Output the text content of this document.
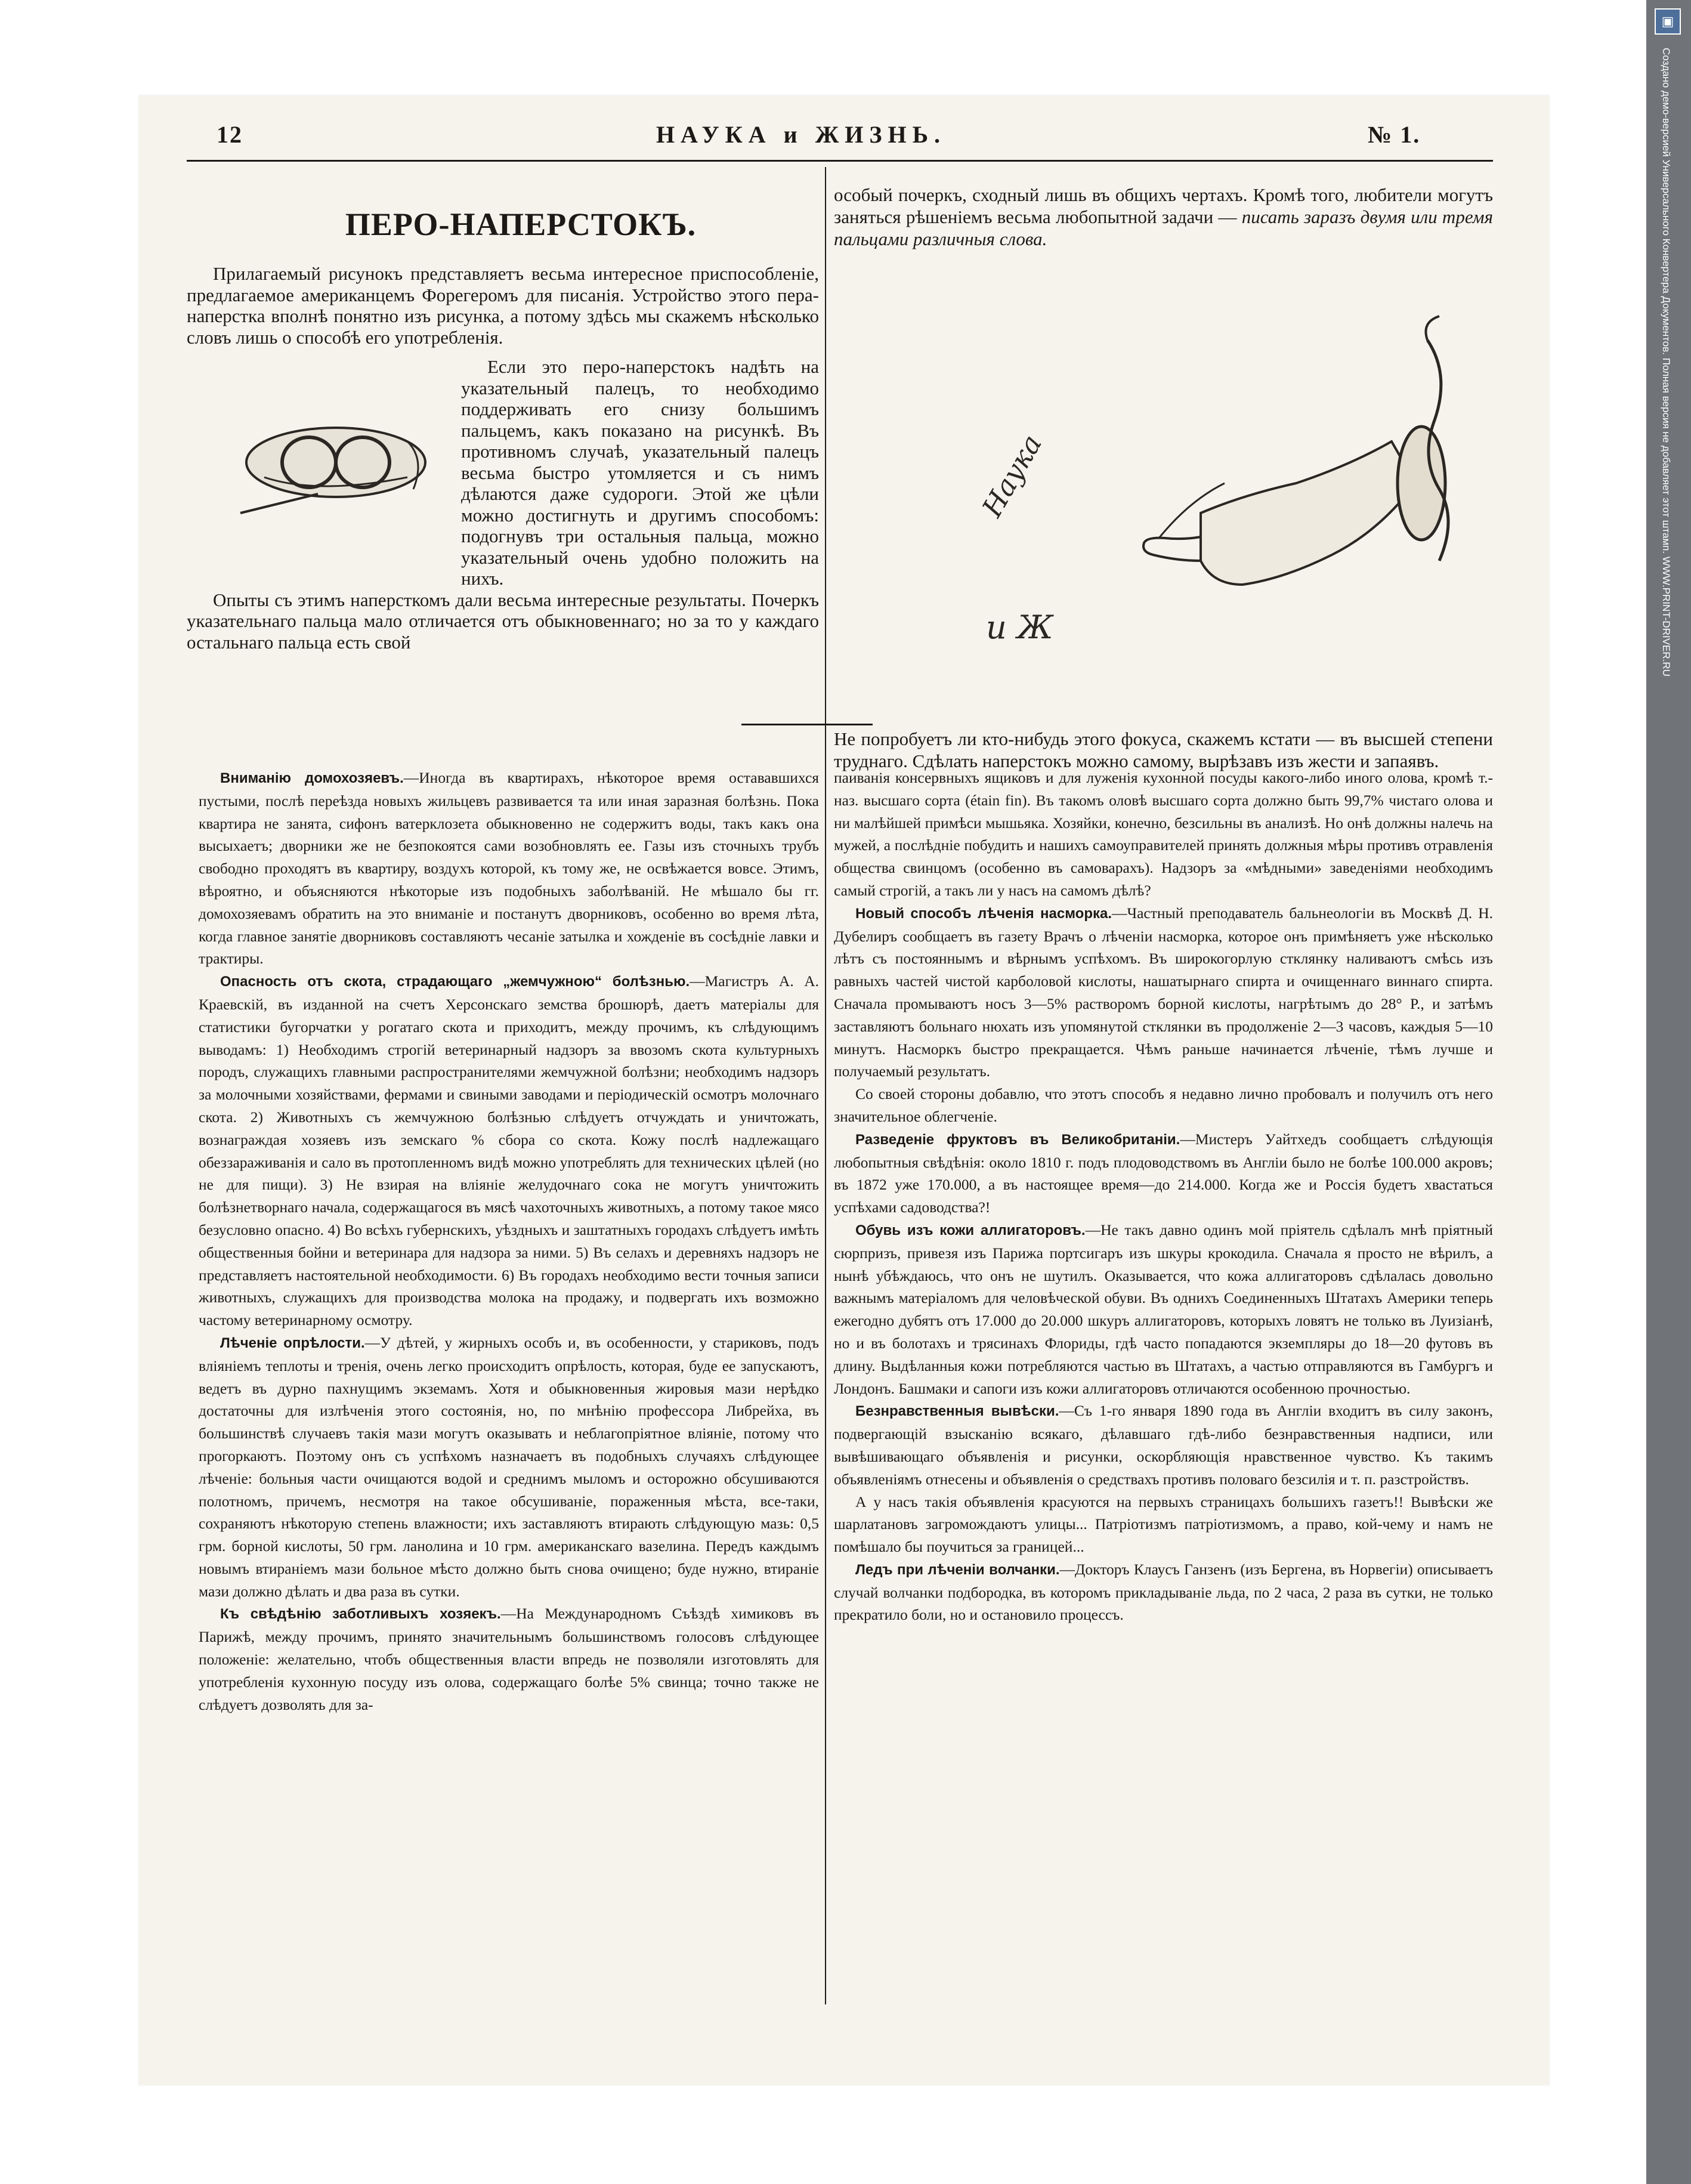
▣
Создано демо-версией Универсального Конвертера Документов. Полная версия не добавляет этот штамп. WWW.PRINT-DRIVER.RU
12	НАУКА и ЖИЗНЬ.	№ 1.
ПЕРО-НАПЕРСТОКЪ.

Прилагаемый рисунокъ представляетъ весьма интересное приспособленіе, предлагаемое американцемъ Форегеромъ для писанія. Устройство этого пера-наперстка вполнѣ понятно изъ рисунка, а потому здѣсь мы скажемъ нѣсколько словъ лишь о способѣ его употребленія.

Если это перо-наперстокъ надѣть на указательный палецъ, то необходимо поддерживать его снизу большимъ пальцемъ, какъ показано на рисункѣ. Въ противномъ случаѣ, указательный палецъ весьма быстро утомляется и съ нимъ дѣлаются даже судороги. Этой же цѣли можно достигнуть и другимъ способомъ: подогнувъ три остальныя пальца, можно указательный очень удобно положить на нихъ.

Опыты съ этимъ наперсткомъ дали весьма интересные результаты. Почеркъ указательнаго пальца мало отличается отъ обыкновеннаго; но за то у каждаго остальнаго пальца есть свой

особый почеркъ, сходный лишь въ общихъ чертахъ. Кромѣ того, любители могутъ заняться рѣшеніемъ весьма любопытной задачи — писать заразъ двумя или тремя пальцами различныя слова.

Наука
и Ж

Не попробуетъ ли кто-нибудь этого фокуса, скажемъ кстати — въ высшей степени труднаго. Сдѣлать наперстокъ можно самому, вырѣзавъ изъ жести и запаявъ.

Вниманію домохозяевъ.—Иногда въ квартирахъ, нѣкоторое время остававшихся пустыми, послѣ переѣзда новыхъ жильцевъ развивается та или иная заразная болѣзнь. Пока квартира не занята, сифонъ ватерклозета обыкновенно не содержитъ воды, такъ какъ она высыхаетъ; дворники же не безпокоятся сами возобновлять ее. Газы изъ сточныхъ трубъ свободно проходятъ въ квартиру, воздухъ которой, къ тому же, не освѣжается вовсе. Этимъ, вѣроятно, и объясняются нѣкоторые изъ подобныхъ заболѣваній. Не мѣшало бы гг. домохозяевамъ обратить на это вниманіе и постанутъ дворниковъ, особенно во время лѣта, когда главное занятіе дворниковъ составляютъ чесаніе затылка и хожденіе въ сосѣдніе лавки и трактиры.

Опасность отъ скота, страдающаго „жемчужною“ болѣзнью.—Магистръ А. А. Краевскій, въ изданной на счетъ Херсонскаго земства брошюрѣ, даетъ матеріалы для статистики бугорчатки у рогатаго скота и приходитъ, между прочимъ, къ слѣдующимъ выводамъ: 1) Необходимъ строгій ветеринарный надзоръ за ввозомъ скота культурныхъ породъ, служащихъ главными распространителями жемчужной болѣзни; необходимъ надзоръ за молочными хозяйствами, фермами и свиными заводами и періодическій осмотръ молочнаго скота. 2) Животныхъ съ жемчужною болѣзнью слѣдуетъ отчуждать и уничтожать, вознаграждая хозяевъ изъ земскаго % сбора со скота. Кожу послѣ надлежащаго обеззараживанія и сало въ протопленномъ видѣ можно употреблять для технических цѣлей (но не для пищи). 3) Не взирая на вліяніе желудочнаго сока не могутъ уничтожить болѣзнетворнаго начала, содержащагося въ мясѣ чахоточныхъ животныхъ, а потому такое мясо безусловно опасно. 4) Во всѣхъ губернскихъ, уѣздныхъ и заштатныхъ городахъ слѣдуетъ имѣть общественныя бойни и ветеринара для надзора за ними. 5) Въ селахъ и деревняхъ надзоръ не представляетъ настоятельной необходимости. 6) Въ городахъ необходимо вести точныя записи животныхъ, служащихъ для производства молока на продажу, и подвергать ихъ возможно частому ветеринарному осмотру.

Лѣченіе опрѣлости.—У дѣтей, у жирныхъ особъ и, въ особенности, у стариковъ, подъ вліяніемъ теплоты и тренія, очень легко происходитъ опрѣлость, которая, буде ее запускаютъ, ведетъ въ дурно пахнущимъ экземамъ. Хотя и обыкновенныя жировыя мази нерѣдко достаточны для излѣченія этого состоянія, но, по мнѣнію профессора Либрейха, въ большинствѣ случаевъ такія мази могутъ оказывать и неблагопріятное вліяніе, потому что прогоркаютъ. Поэтому онъ съ успѣхомъ назначаетъ въ подобныхъ случаяхъ слѣдующее лѣченіе: больныя части очищаются водой и среднимъ мыломъ и осторожно обсушиваются полотномъ, причемъ, несмотря на такое обсушиваніе, пораженныя мѣста, все-таки, сохраняютъ нѣкоторую степень влажности; ихъ заставляютъ втирають слѣдующую мазь: 0,5 грм. борной кислоты, 50 грм. ланолина и 10 грм. американскаго вазелина. Передъ каждымъ новымъ втираніемъ мази больное мѣсто должно быть снова очищено; буде нужно, втираніе мази должно дѣлать и два раза въ сутки.

Къ свѣдѣнію заботливыхъ хозяекъ.—На Международномъ Съѣздѣ химиковъ въ Парижѣ, между прочимъ, принято значительнымъ большинствомъ голосовъ слѣдующее положеніе: желательно, чтобъ общественныя власти впредь не позволяли изготовлять для употребленія кухонную посуду изъ олова, содержащаго болѣе 5% свинца; точно также не слѣдуетъ дозволять для за-

паиванія консервныхъ ящиковъ и для луженія кухонной посуды какого-либо иного олова, кромѣ т.-наз. высшаго сорта (étain fin). Въ такомъ оловѣ высшаго сорта должно быть 99,7% чистаго олова и ни малѣйшей примѣси мышьяка. Хозяйки, конечно, безсильны въ анализѣ. Но онѣ должны налечь на мужей, а послѣдніе побудить и нашихъ самоуправителей принять должныя мѣры противъ отравленія общества свинцомъ (особенно въ самоварахъ). Надзоръ за «мѣдными» заведеніями необходимъ самый строгій, а такъ ли у насъ на самомъ дѣлѣ?

Новый способъ лѣченія насморка.—Частный преподаватель бальнеологіи въ Москвѣ Д. Н. Дубелиръ сообщаетъ въ газету Врачъ о лѣченіи насморка, которое онъ примѣняетъ уже нѣсколько лѣтъ съ постояннымъ и вѣрнымъ успѣхомъ. Въ широкогорлую стклянку наливаютъ смѣсь изъ равныхъ частей чистой карболовой кислоты, нашатырнаго спирта и очищеннаго виннаго спирта. Сначала промываютъ носъ 3—5% растворомъ борной кислоты, нагрѣтымъ до 28° Р., и затѣмъ заставляютъ больнаго нюхать изъ упомянутой стклянки въ продолженіе 2—3 часовъ, каждыя 5—10 минутъ. Насморкъ быстро прекращается. Чѣмъ раньше начинается лѣченіе, тѣмъ лучше и получаемый результатъ.

Со своей стороны добавлю, что этотъ способъ я недавно лично пробовалъ и получилъ отъ него значительное облегченіе.

Разведеніе фруктовъ въ Великобританіи.—Мистеръ Уайтхедъ сообщаетъ слѣдующія любопытныя свѣдѣнія: около 1810 г. подъ плодоводствомъ въ Англіи было не болѣе 100.000 акровъ; въ 1872 уже 170.000, а въ настоящее время—до 214.000. Когда же и Россія будетъ хвастаться успѣхами садоводства?!

Обувь изъ кожи аллигаторовъ.—Не такъ давно одинъ мой пріятель сдѣлалъ мнѣ пріятный сюрпризъ, привезя изъ Парижа портсигаръ изъ шкуры крокодила. Сначала я просто не вѣрилъ, а нынѣ убѣждаюсь, что онъ не шутилъ. Оказывается, что кожа аллигаторовъ сдѣлалась довольно важнымъ матеріаломъ для человѣческой обуви. Въ однихъ Соединенныхъ Штатахъ Америки теперь ежегодно дубятъ отъ 17.000 до 20.000 шкуръ аллигаторовъ, которыхъ ловятъ не только въ Луизіанѣ, но и въ болотахъ и трясинахъ Флориды, гдѣ часто попадаются экземпляры до 18—20 футовъ въ длину. Выдѣланныя кожи потребляются частью въ Штатахъ, а частью отправляются въ Гамбургъ и Лондонъ. Башмаки и сапоги изъ кожи аллигаторовъ отличаются особенною прочностью.

Безнравственныя вывѣски.—Съ 1-го января 1890 года въ Англіи входитъ въ силу законъ, подвергающій взысканію всякаго, дѣлавшаго гдѣ-либо безнравственныя надписи, или вывѣшивающаго объявленія и рисунки, оскорбляющія нравственное чувство. Къ такимъ объявленіямъ отнесены и объявленія о средствахъ противъ половаго безсилія и т. п. разстройствъ.

А у насъ такія объявленія красуются на первыхъ страницахъ большихъ газетъ!! Вывѣски же шарлатановъ загромождаютъ улицы... Патріотизмъ патріотизмомъ, а право, кой-чему и намъ не помѣшало бы поучиться за границей...

Ледъ при лѣченіи волчанки.—Докторъ Клаусъ Ганзенъ (изъ Бергена, въ Норвегіи) описываетъ случай волчанки подбородка, въ которомъ прикладываніе льда, по 2 часа, 2 раза въ сутки, не только прекратило боли, но и остановило процессъ.
